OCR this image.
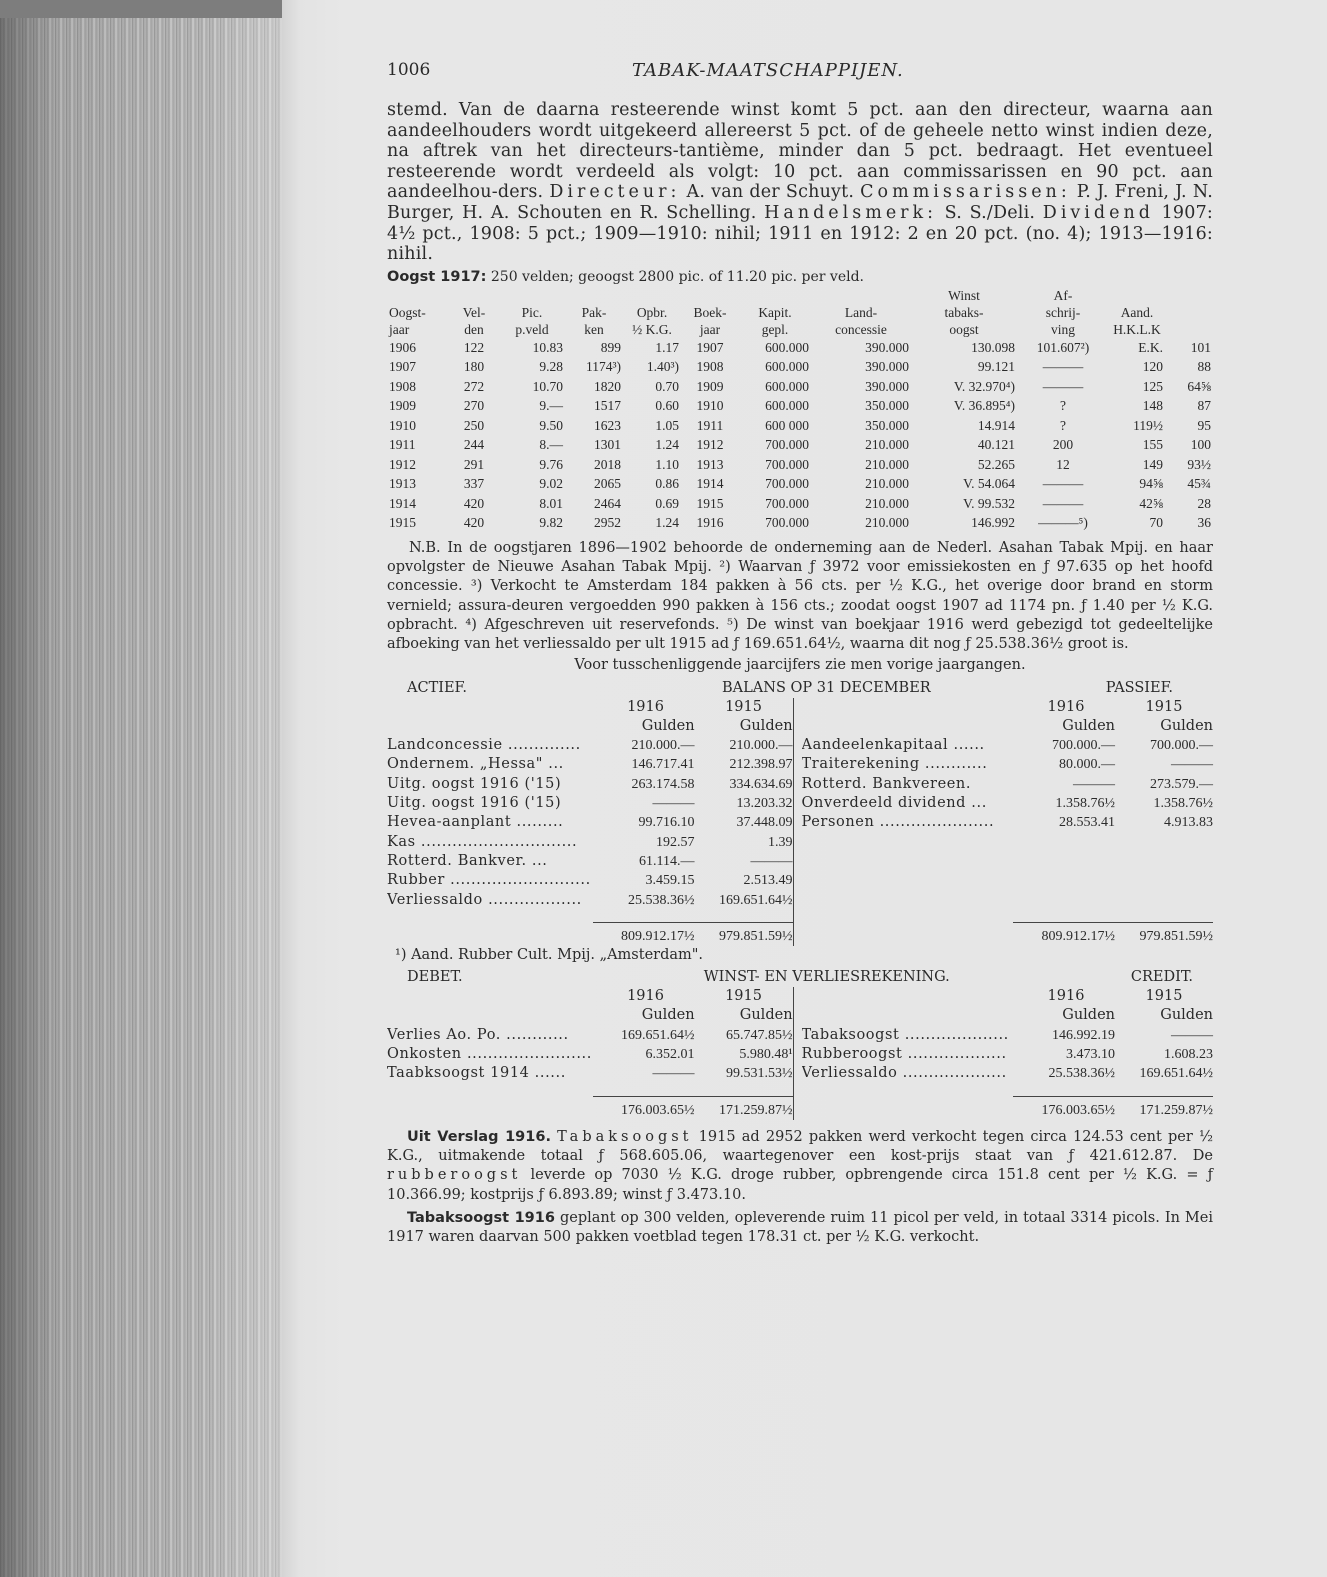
1006	TABAK-MAATSCHAPPIJEN.

stemd. Van de daarna resteerende winst komt 5 pct. aan den directeur, waarna aan aandeelhouders wordt uitgekeerd allereerst 5 pct. of de geheele netto winst indien deze, na aftrek van het directeurs-tantième, minder dan 5 pct. bedraagt. Het eventueel resteerende wordt verdeeld als volgt: 10 pct. aan commissarissen en 90 pct. aan aandeelhou-ders. Directeur: A. van der Schuyt. Commissarissen: P. J. Freni, J. N. Burger, H. A. Schouten en R. Schelling. Handelsmerk: S. S./Deli. Dividend 1907: 4½ pct., 1908: 5 pct.; 1909—1910: nihil; 1911 en 1912: 2 en 20 pct. (no. 4); 1913—1916: nihil.

Oogst 1917: 250 velden; geoogst 2800 pic. of 11.20 pic. per veld.
								Winst	Af-		
Oogst-	Vel-	Pic.	Pak-	Opbr.	Boek-	Kapit.	Land-	tabaks-	schrij-	Aand.	
jaar	den	p.veld	ken	½ K.G.	jaar	gepl.	concessie	oogst	ving	H.K.L.K	
1906	122	10.83	899	1.17	1907	600.000	390.000	130.098	101.607²)	E.K.	101
1907	180	9.28	1174³)	1.40³)	1908	600.000	390.000	99.121	———	120	88
1908	272	10.70	1820	0.70	1909	600.000	390.000	V. 32.970⁴)	———	125	64⅝
1909	270	9.—	1517	0.60	1910	600.000	350.000	V. 36.895⁴)	?	148	87
1910	250	9.50	1623	1.05	1911	600 000	350.000	14.914	?	119½	95
1911	244	8.—	1301	1.24	1912	700.000	210.000	40.121	200	155	100
1912	291	9.76	2018	1.10	1913	700.000	210.000	52.265	12	149	93½
1913	337	9.02	2065	0.86	1914	700.000	210.000	V. 54.064	———	94⅝	45¾
1914	420	8.01	2464	0.69	1915	700.000	210.000	V. 99.532	———	42⅝	28
1915	420	9.82	2952	1.24	1916	700.000	210.000	146.992	———⁵)	70	36
N.B. In de oogstjaren 1896—1902 behoorde de onderneming aan de Nederl. Asahan Tabak Mpij. en haar opvolgster de Nieuwe Asahan Tabak Mpij. ²) Waarvan ƒ 3972 voor emissiekosten en ƒ 97.635 op het hoofd concessie. ³) Verkocht te Amsterdam 184 pakken à 56 cts. per ½ K.G., het overige door brand en storm vernield; assura-deuren vergoedden 990 pakken à 156 cts.; zoodat oogst 1907 ad 1174 pn. ƒ 1.40 per ½ K.G. opbracht. ⁴) Afgeschreven uit reservefonds. ⁵) De winst van boekjaar 1916 werd gebezigd tot gedeeltelijke afboeking van het verliessaldo per ult 1915 ad ƒ 169.651.64½, waarna dit nog ƒ 25.538.36½ groot is.
Voor tusschenliggende jaarcijfers zie men vorige jaargangen.
ACTIEF.	BALANS OP 31 DECEMBER	PASSIEF.
1916	1915
Gulden	Gulden
Landconcessie ..............	210.000.—	210.000.—
Ondernem. „Hessa" ...	146.717.41	212.398.97
Uitg. oogst 1916 ('15)	263.174.58	334.634.69
Uitg. oogst 1916 ('15)	———	13.203.32
Hevea-aanplant .........	99.716.10	37.448.09
Kas ..............................	192.57	1.39
Rotterd. Bankver. ...	61.114.—	———
Rubber ...........................	3.459.15	2.513.49
Verliessaldo ..................	25.538.36½	169.651.64½
809.912.17½	979.851.59½
1916	1915
Gulden	Gulden
Aandeelenkapitaal ......	700.000.—	700.000.—
Traiterekening ............	80.000.—	———
Rotterd. Bankvereen.	———	273.579.—
Onverdeeld dividend ...	1.358.76½	1.358.76½
Personen ......................	28.553.41	4.913.83
809.912.17½	979.851.59½
¹) Aand. Rubber Cult. Mpij. „Amsterdam".
DEBET.	WINST- EN VERLIESREKENING.	CREDIT.
1916	1915
Gulden	Gulden
Verlies Ao. Po. ............	169.651.64½	65.747.85½
Onkosten ........................	6.352.01	5.980.48¹
Taabksoogst 1914 ......	———	99.531.53½
176.003.65½	171.259.87½
1916	1915
Gulden	Gulden
Tabaksoogst ....................	146.992.19	———
Rubberoogst ...................	3.473.10	1.608.23
Verliessaldo ....................	25.538.36½	169.651.64½
176.003.65½	171.259.87½
Uit Verslag 1916. Tabaksoogst 1915 ad 2952 pakken werd verkocht tegen circa 124.53 cent per ½ K.G., uitmakende totaal ƒ 568.605.06, waartegenover een kost-prijs staat van ƒ 421.612.87. De rubberoogst leverde op 7030 ½ K.G. droge rubber, opbrengende circa 151.8 cent per ½ K.G. = ƒ 10.366.99; kostprijs ƒ 6.893.89; winst ƒ 3.473.10.
Tabaksoogst 1916 geplant op 300 velden, opleverende ruim 11 picol per veld, in totaal 3314 picols. In Mei 1917 waren daarvan 500 pakken voetblad tegen 178.31 ct. per ½ K.G. verkocht.
